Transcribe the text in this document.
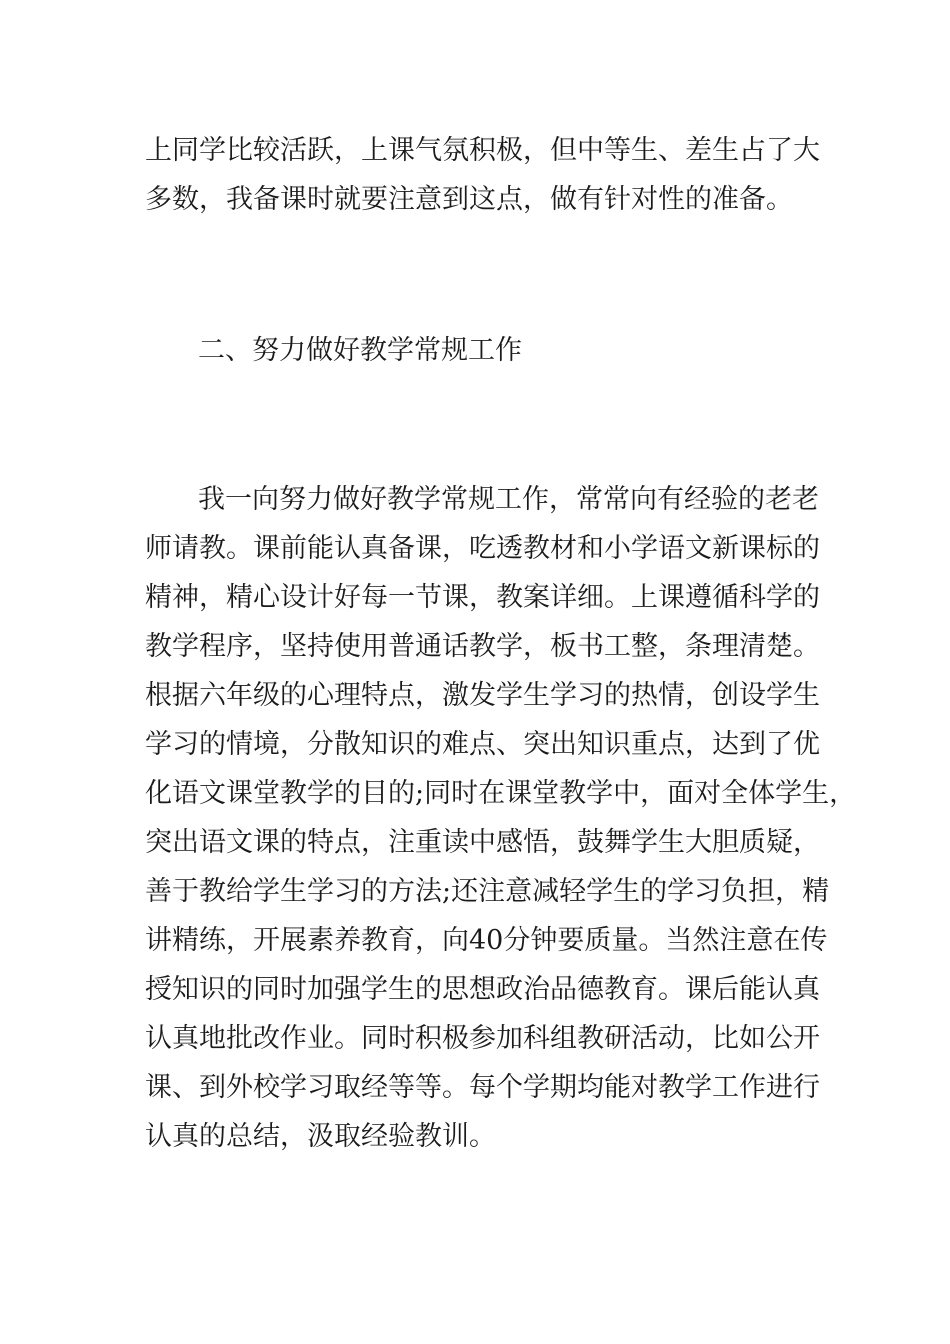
上同学比较活跃，上课气氛积极，但中等生、差生占了大
多数，我备课时就要注意到这点，做有针对性的准备。
二、努力做好教学常规工作
我一向努力做好教学常规工作，常常向有经验的老老
师请教。课前能认真备课，吃透教材和小学语文新课标的
精神，精心设计好每一节课，教案详细。上课遵循科学的
教学程序，坚持使用普通话教学，板书工整，条理清楚。
根据六年级的心理特点，激发学生学习的热情，创设学生
学习的情境，分散知识的难点、突出知识重点，达到了优
化语文课堂教学的目的;同时在课堂教学中，面对全体学生，
突出语文课的特点，注重读中感悟，鼓舞学生大胆质疑，
善于教给学生学习的方法;还注意减轻学生的学习负担，精
讲精练，开展素养教育，向40分钟要质量。当然注意在传
授知识的同时加强学生的思想政治品德教育。课后能认真
认真地批改作业。同时积极参加科组教研活动，比如公开
课、到外校学习取经等等。每个学期均能对教学工作进行
认真的总结，汲取经验教训。
